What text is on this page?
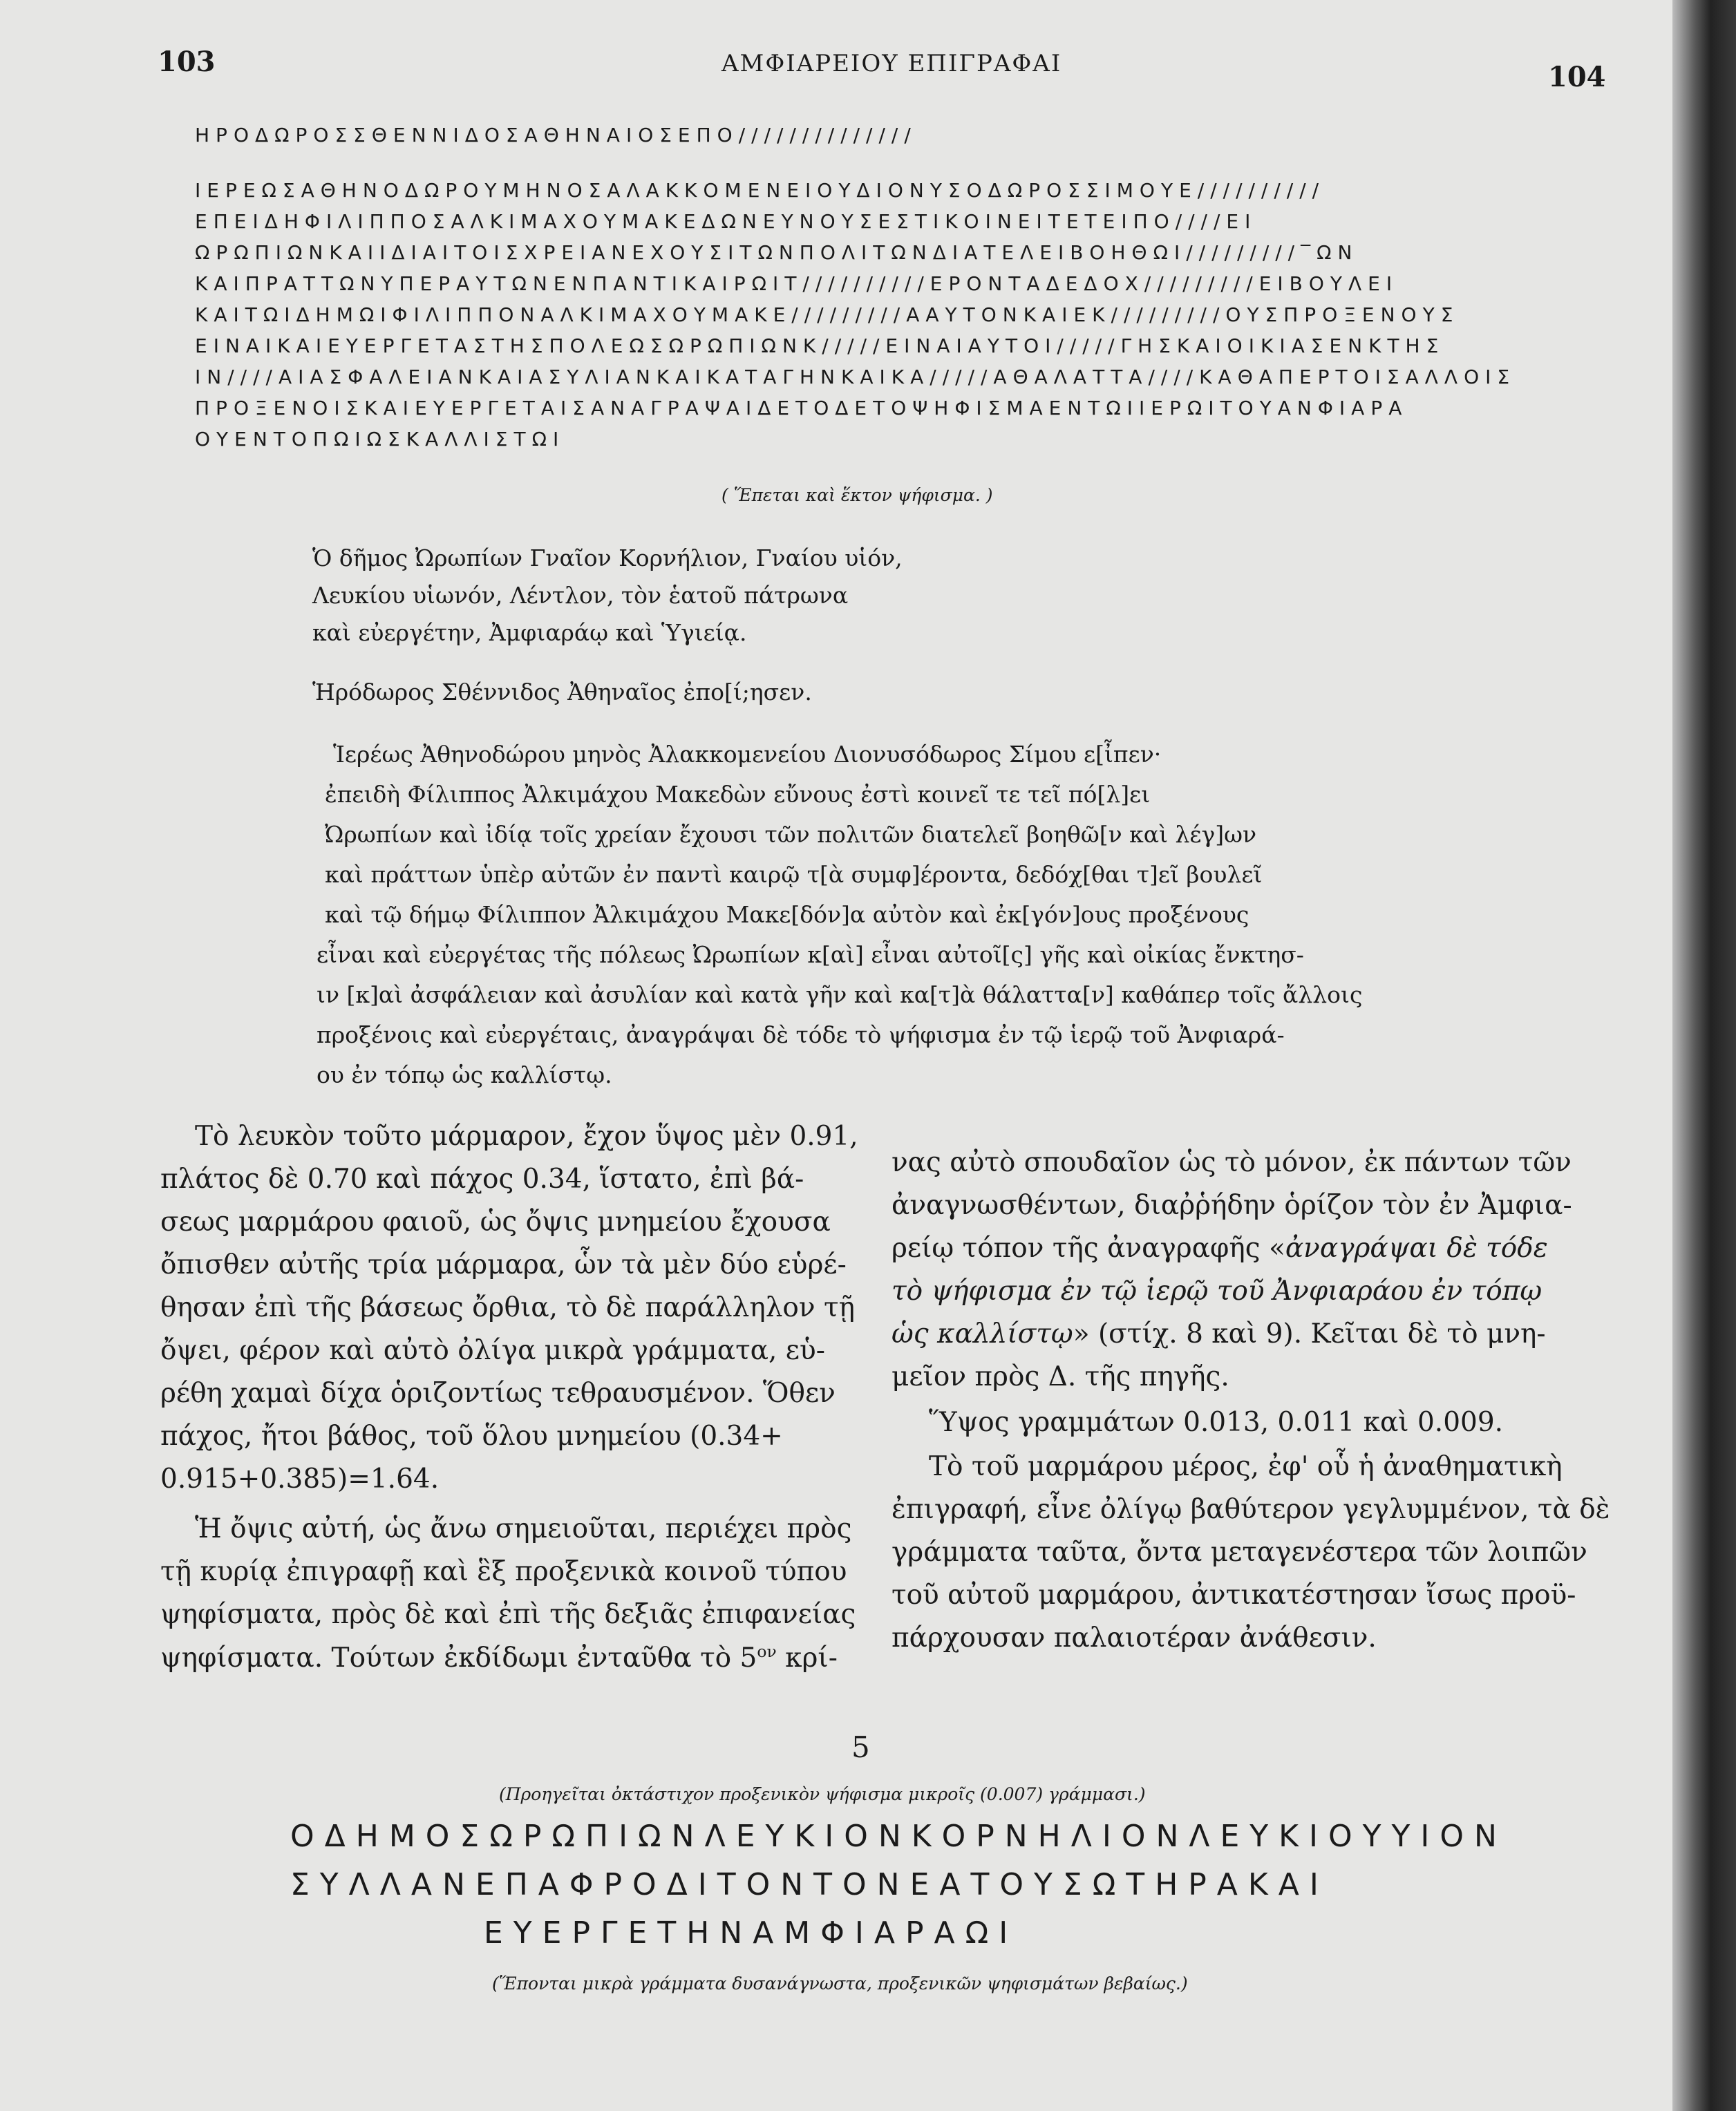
103	ΑΜΦΙΑΡΕΙΟΥ ΕΠΙΓΡΑΦΑΙ	104
ΗΡΟΔΩΡΟΣΣΘΕΝΝΙΔΟΣΑΘΗΝΑΙΟΣΕΠΟ//////////////
ΙΕΡΕΩΣΑΘΗΝΟΔΩΡΟΥΜΗΝΟΣΑΛΑΚΚΟΜΕΝΕΙΟΥΔΙΟΝΥΣΟΔΩΡΟΣΣΙΜΟΥΕ//////////
ΕΠΕΙΔΗΦΙΛΙΠΠΟΣΑΛΚΙΜΑΧΟΥΜΑΚΕΔΩΝΕΥΝΟΥΣΕΣΤΙΚΟΙΝΕΙΤΕΤΕΙΠΟ////ΕΙ
ΩΡΩΠΙΩΝΚΑΙΙΔΙΑΙΤΟΙΣΧΡΕΙΑΝΕΧΟΥΣΙΤΩΝΠΟΛΙΤΩΝΔΙΑΤΕΛΕΙΒΟΗΘΩΙ/////////‾ΩΝ
ΚΑΙΠΡΑΤΤΩΝΥΠΕΡΑΥΤΩΝΕΝΠΑΝΤΙΚΑΙΡΩΙΤ//////////ΕΡΟΝΤΑΔΕΔΟΧ/////////ΕΙΒΟΥΛΕΙ
ΚΑΙΤΩΙΔΗΜΩΙΦΙΛΙΠΠΟΝΑΛΚΙΜΑΧΟΥΜΑΚΕ/////////ΑΑΥΤΟΝΚΑΙΕΚ/////////ΟΥΣΠΡΟΞΕΝΟΥΣ
ΕΙΝΑΙΚΑΙΕΥΕΡΓΕΤΑΣΤΗΣΠΟΛΕΩΣΩΡΩΠΙΩΝΚ/////ΕΙΝΑΙΑΥΤΟΙ/////ΓΗΣΚΑΙΟΙΚΙΑΣΕΝΚΤΗΣ
ΙΝ////ΑΙΑΣΦΑΛΕΙΑΝΚΑΙΑΣΥΛΙΑΝΚΑΙΚΑΤΑΓΗΝΚΑΙΚΑ/////ΑΘΑΛΑΤΤΑ////ΚΑΘΑΠΕΡΤΟΙΣΑΛΛΟΙΣ
ΠΡΟΞΕΝΟΙΣΚΑΙΕΥΕΡΓΕΤΑΙΣΑΝΑΓΡΑΨΑΙΔΕΤΟΔΕΤΟΨΗΦΙΣΜΑΕΝΤΩΙΙΕΡΩΙΤΟΥΑΝΦΙΑΡΑ
ΟΥΕΝΤΟΠΩΙΩΣΚΑΛΛΙΣΤΩΙ
( Ἕπεται καὶ ἕκτον ψήφισμα. )
Ὁ δῆμος Ὠρωπίων Γναῖον Κορνήλιον, Γναίου υἱόν,
Λευκίου υἱωνόν, Λέντλον, τὸν ἑατοῦ πάτρωνα
καὶ εὐεργέτην, Ἀμφιαράῳ καὶ Ὑγιείᾳ.
Ἡρόδωρος Σθέννιδος Ἀθηναῖος ἐπο[ί;ησεν.
Ἱερέως Ἀθηνοδώρου μηνὸς Ἀλακκομενείου Διονυσόδωρος Σίμου ε[ἶπεν·
ἐπειδὴ Φίλιππος Ἀλκιμάχου Μακεδὼν εὔνους ἐστὶ κοινεῖ τε τεῖ πό[λ]ει
Ὠρωπίων καὶ ἰδίᾳ τοῖς χρείαν ἔχουσι τῶν πολιτῶν διατελεῖ βοηθῶ[ν καὶ λέγ]ων
καὶ πράττων ὑπὲρ αὐτῶν ἐν παντὶ καιρῷ τ[ὰ συμφ]έροντα, δεδόχ[θαι τ]εῖ βουλεῖ
καὶ τῷ δήμῳ Φίλιππον Ἀλκιμάχου Μακε[δόν]α αὐτὸν καὶ ἐκ[γόν]ους προξένους
εἶναι καὶ εὐεργέτας τῆς πόλεως Ὠρωπίων κ[αὶ] εἶναι αὐτοῖ[ς] γῆς καὶ οἰκίας ἔνκτησ-
ιν [κ]αὶ ἀσφάλειαν καὶ ἀσυλίαν καὶ κατὰ γῆν καὶ κα[τ]ὰ θάλαττα[ν] καθάπερ τοῖς ἄλλοις
προξένοις καὶ εὐεργέταις, ἀναγράψαι δὲ τόδε τὸ ψήφισμα ἐν τῷ ἱερῷ τοῦ Ἀνφιαρά-
ου ἐν τόπῳ ὡς καλλίστῳ.
Τὸ λευκὸν τοῦτο μάρμαρον, ἔχον ὕψος μὲν 0.91,
πλάτος δὲ 0.70 καὶ πάχος 0.34, ἵστατο, ἐπὶ βά-
σεως μαρμάρου φαιοῦ, ὡς ὄψις μνημείου ἔχουσα
ὄπισθεν αὐτῆς τρία μάρμαρα, ὧν τὰ μὲν δύο εὑρέ-
θησαν ἐπὶ τῆς βάσεως ὄρθια, τὸ δὲ παράλληλον τῇ
ὄψει, φέρον καὶ αὐτὸ ὀλίγα μικρὰ γράμματα, εὑ-
ρέθη χαμαὶ δίχα ὁριζοντίως τεθραυσμένον. Ὅθεν
πάχος, ἤτοι βάθος, τοῦ ὅλου μνημείου (0.34+
0.915+0.385)=1.64.
Ἡ ὄψις αὐτή, ὡς ἄνω σημειοῦται, περιέχει πρὸς
τῇ κυρίᾳ ἐπιγραφῇ καὶ ἓξ προξενικὰ κοινοῦ τύπου
ψηφίσματα, πρὸς δὲ καὶ ἐπὶ τῆς δεξιᾶς ἐπιφανείας
ψηφίσματα. Τούτων ἐκδίδωμι ἐνταῦθα τὸ $5^{o\nu}$ κρί-
νας αὐτὸ σπουδαῖον ὡς τὸ μόνον, ἐκ πάντων τῶν
ἀναγνωσθέντων, διαῤῥήδην ὁρίζον τὸν ἐν Ἀμφια-
ρείῳ τόπον τῆς ἀναγραφῆς «ἀναγράψαι δὲ τόδε
τὸ ψήφισμα ἐν τῷ ἱερῷ τοῦ Ἀνφιαράου ἐν τόπῳ
ὡς καλλίστῳ» (στίχ. 8 καὶ 9). Κεῖται δὲ τὸ μνη-
μεῖον πρὸς Δ. τῆς πηγῆς.
Ὕψος γραμμάτων 0.013, 0.011 καὶ 0.009.
Τὸ τοῦ μαρμάρου μέρος, ἐφ' οὗ ἡ ἀναθηματικὴ
ἐπιγραφή, εἶνε ὀλίγῳ βαθύτερον γεγλυμμένον, τὰ δὲ
γράμματα ταῦτα, ὄντα μεταγενέστερα τῶν λοιπῶν
τοῦ αὐτοῦ μαρμάρου, ἀντικατέστησαν ἴσως προϋ-
πάρχουσαν παλαιοτέραν ἀνάθεσιν.
5
(Προηγεῖται ὀκτάστιχον προξενικὸν ψήφισμα μικροῖς (0.007) γράμμασι.)
ΟΔΗΜΟΣΩΡΩΠΙΩΝΛΕΥΚΙΟΝΚΟΡΝΗΛΙΟΝΛΕΥΚΙΟΥΥΙΟΝ
ΣΥΛΛΑΝΕΠΑΦΡΟΔΙΤΟΝΤΟΝΕΑΤΟΥΣΩΤΗΡΑΚΑΙ
ΕΥΕΡΓΕΤΗΝΑΜΦΙΑΡΑΩΙ
(Ἕπονται μικρὰ γράμματα δυσανάγνωστα, προξενικῶν ψηφισμάτων βεβαίως.)
